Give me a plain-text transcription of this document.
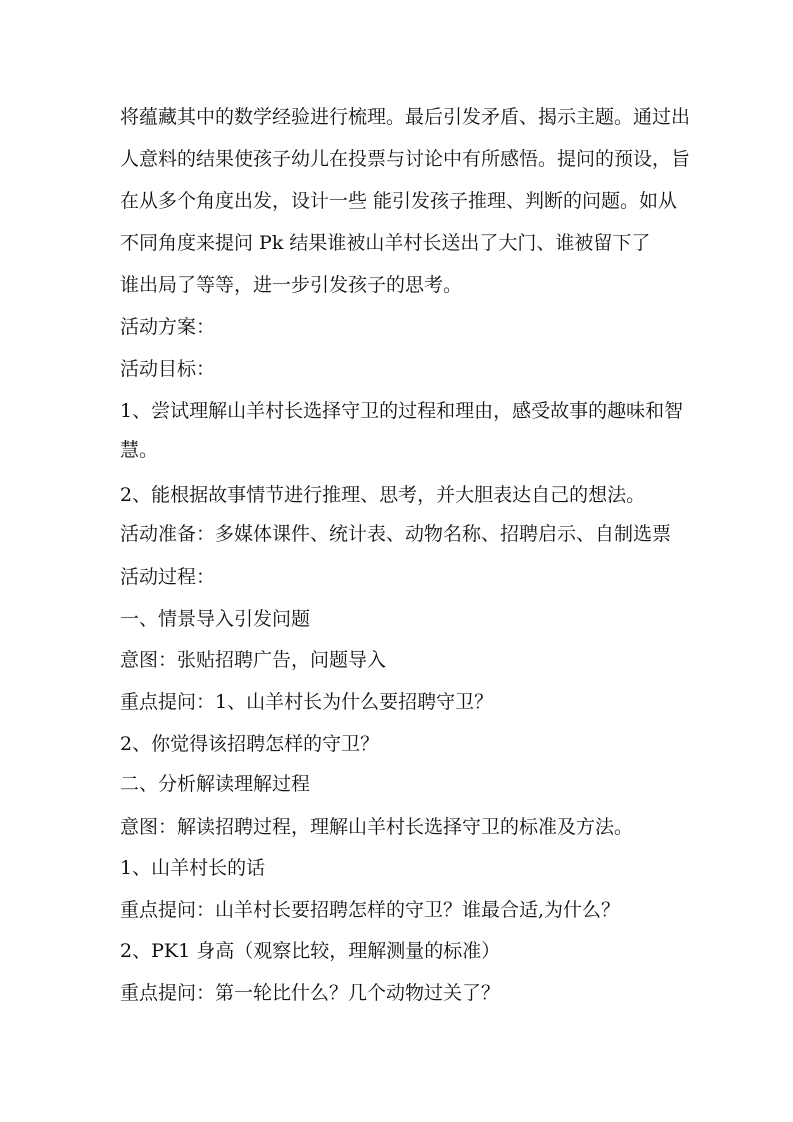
将蕴藏其中的数学经验进行梳理。最后引发矛盾、揭示主题。通过出
人意料的结果使孩子幼儿在投票与讨论中有所感悟。提问的预设，旨
在从多个角度出发，设计一些 能引发孩子推理、判断的问题。如从
不同角度来提问 Pk 结果谁被山羊村长送出了大门、谁被留下了
谁出局了等等，进一步引发孩子的思考。
活动方案：
活动目标：
1、尝试理解山羊村长选择守卫的过程和理由，感受故事的趣味和智
慧。
2、能根据故事情节进行推理、思考，并大胆表达自己的想法。
活动准备：多媒体课件、统计表、动物名称、招聘启示、自制选票
活动过程：
一、情景导入引发问题
意图：张贴招聘广告，问题导入
重点提问：1、山羊村长为什么要招聘守卫？
2、你觉得该招聘怎样的守卫？
二、分析解读理解过程
意图：解读招聘过程，理解山羊村长选择守卫的标准及方法。
1、山羊村长的话
重点提问：山羊村长要招聘怎样的守卫？谁最合适,为什么？
2、PK1 身高（观察比较，理解测量的标准）
重点提问：第一轮比什么？几个动物过关了？
